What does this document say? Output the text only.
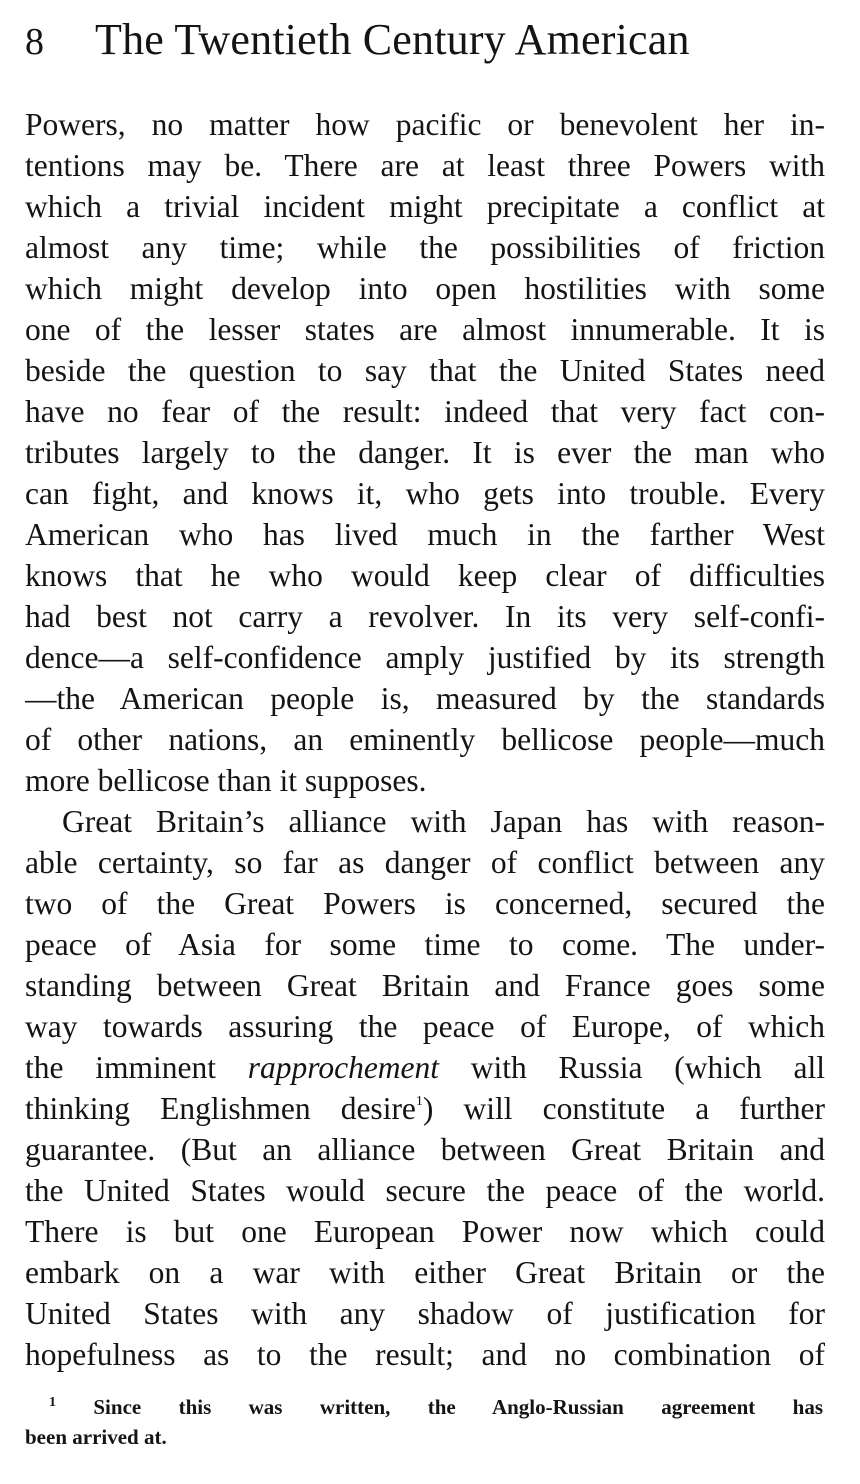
8 The Twentieth Century American
Powers, no matter how pacific or benevolent her in-
tentions may be. There are at least three Powers with
which a trivial incident might precipitate a conflict at
almost any time; while the possibilities of friction
which might develop into open hostilities with some
one of the lesser states are almost innumerable. It is
beside the question to say that the United States need
have no fear of the result: indeed that very fact con-
tributes largely to the danger. It is ever the man who
can fight, and knows it, who gets into trouble. Every
American who has lived much in the farther West
knows that he who would keep clear of difficulties
had best not carry a revolver. In its very self-confi-
dence—a self-confidence amply justified by its strength
—the American people is, measured by the standards
of other nations, an eminently bellicose people—much
more bellicose than it supposes.
Great Britain’s alliance with Japan has with reason-
able certainty, so far as danger of conflict between any
two of the Great Powers is concerned, secured the
peace of Asia for some time to come. The under-
standing between Great Britain and France goes some
way towards assuring the peace of Europe, of which
the imminent rapprochement with Russia (which all
thinking Englishmen desire$^1$) will constitute a further
guarantee. (But an alliance between Great Britain and
the United States would secure the peace of the world.
There is but one European Power now which could
embark on a war with either Great Britain or the
United States with any shadow of justification for
hopefulness as to the result; and no combination of
$^1$ Since this was written, the Anglo-Russian agreement has
been arrived at.
